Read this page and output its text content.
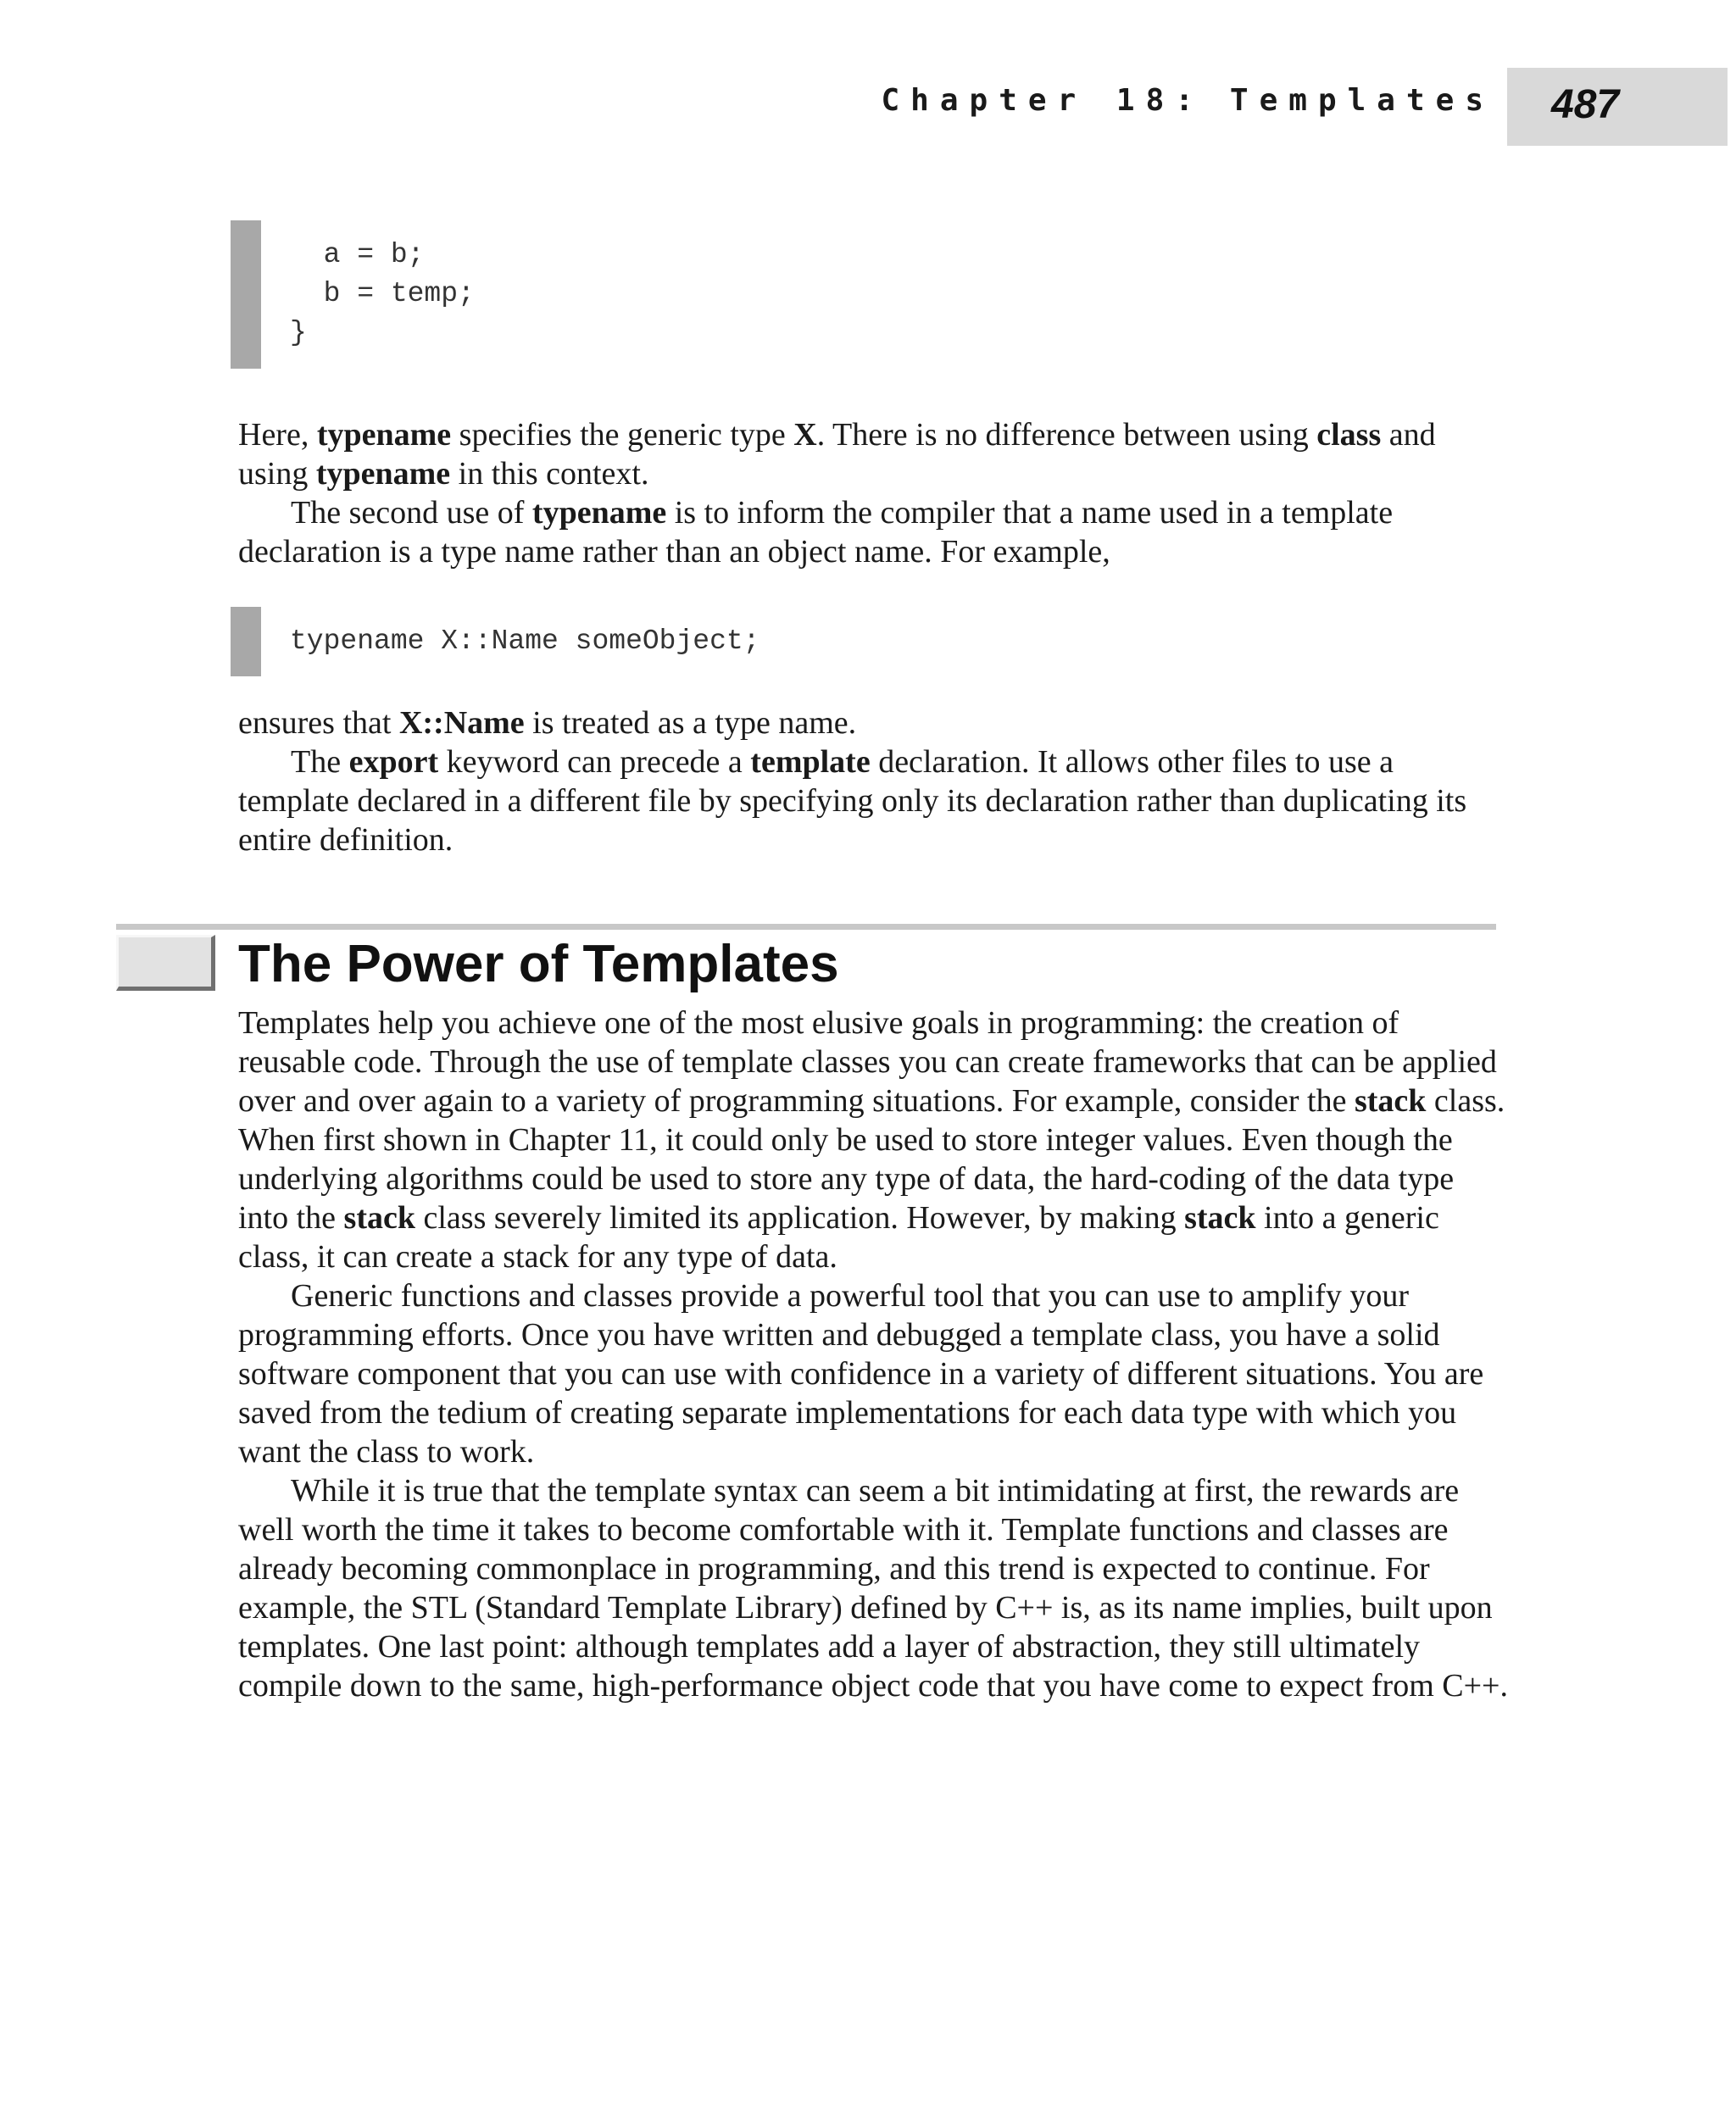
Chapter 18: Templates 487
a = b;
b = temp;
}

Here, typename specifies the generic type X. There is no difference between using class and using typename in this context.

The second use of typename is to inform the compiler that a name used in a template declaration is a type name rather than an object name. For example,

typename X::Name someObject;

ensures that X::Name is treated as a type name.

The export keyword can precede a template declaration. It allows other files to use a template declared in a different file by specifying only its declaration rather than duplicating its entire definition.

The Power of Templates

Templates help you achieve one of the most elusive goals in programming: the creation of reusable code. Through the use of template classes you can create frameworks that can be applied over and over again to a variety of programming situations. For example, consider the stack class. When first shown in Chapter 11, it could only be used to store integer values. Even though the underlying algorithms could be used to store any type of data, the hard-coding of the data type into the stack class severely limited its application. However, by making stack into a generic class, it can create a stack for any type of data.

Generic functions and classes provide a powerful tool that you can use to amplify your programming efforts. Once you have written and debugged a template class, you have a solid software component that you can use with confidence in a variety of different situations. You are saved from the tedium of creating separate implementations for each data type with which you want the class to work.

While it is true that the template syntax can seem a bit intimidating at first, the rewards are well worth the time it takes to become comfortable with it. Template functions and classes are already becoming commonplace in programming, and this trend is expected to continue. For example, the STL (Standard Template Library) defined by C++ is, as its name implies, built upon templates. One last point: although templates add a layer of abstraction, they still ultimately compile down to the same, high-performance object code that you have come to expect from C++.
